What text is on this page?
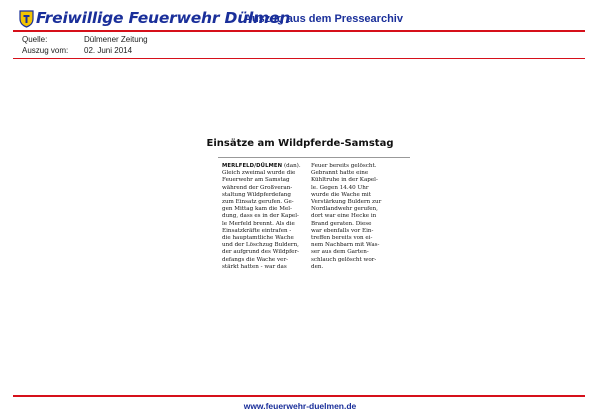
Freiwillige Feuerwehr Dülmen
Auszug aus dem Pressearchiv
Quelle:	Dülmener Zeitung
Auszug vom:	02. Juni 2014
Einsätze am Wildpferde-Samstag
MERLFELD/DÜLMEN (dan).
Gleich zweimal wurde die
Feuerwehr am Samstag
während der Großveran-
staltung Wildpferdefang
zum Einsatz gerufen. Ge-
gen Mittag kam die Mel-
dung, dass es in der Kapel-
le Merfeld brennt. Als die
Einsatzkräfte eintrafen -
die hauptamtliche Wache
und der Löschzug Buldern,
der aufgrund des Wildpfer-
defangs die Wache ver-
stärkt hatten - war das
Feuer bereits gelöscht.
Gebrannt hatte eine
Kühltruhe in der Kapel-
le. Gegen 14.40 Uhr
wurde die Wache mit
Verstärkung Buldern zur
Nordlandwehr gerufen,
dort war eine Hecke in
Brand geraten. Diese
war ebenfalls vor Ein-
treffen bereits von ei-
nem Nachbarn mit Was-
ser aus dem Garten-
schlauch gelöscht wor-
den.
www.feuerwehr-duelmen.de
